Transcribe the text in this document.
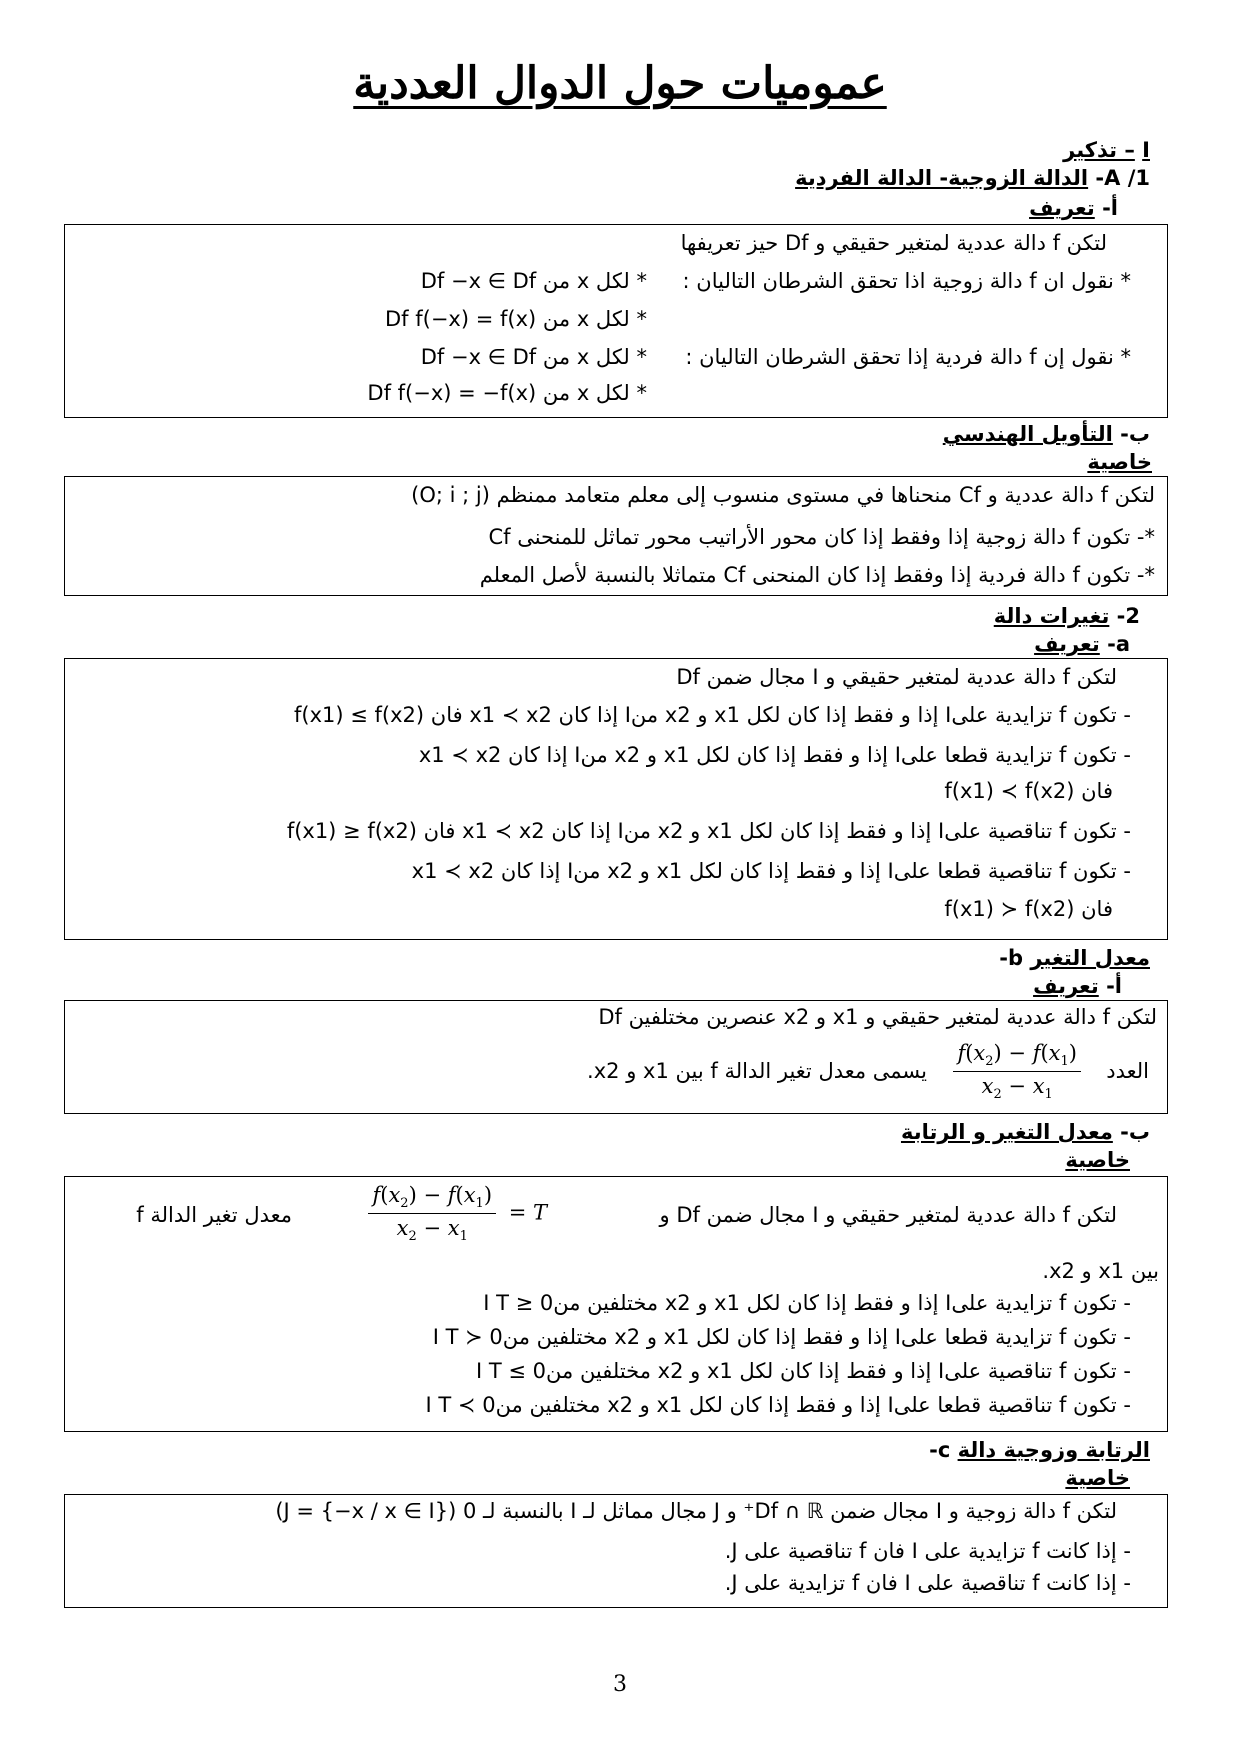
عموميات حول الدوال العددية
I – تذكير
A /1- الدالة الزوجية- الدالة الفردية
أ- تعريف
لتكن f دالة عددية لمتغير حقيقي و Df حيز تعريفها
* نقول ان f دالة زوجية اذا تحقق الشرطان التاليان :
* لكل x من Df −x ∈ Df
* لكل x من Df f(−x) = f(x)
* نقول إن f دالة فردية إذا تحقق الشرطان التاليان :
* لكل x من Df −x ∈ Df
* لكل x من Df f(−x) = −f(x)
ب- التأويل الهندسي
خاصية
لتكن f دالة عددية و Cf منحناها في مستوى منسوب إلى معلم متعامد ممنظم (O; i ; j)
*- تكون f دالة زوجية إذا وفقط إذا كان محور الأراتيب محور تماثل للمنحنى Cf
*- تكون f دالة فردية إذا وفقط إذا كان المنحنى Cf متماثلا بالنسبة لأصل المعلم
2- تغيرات دالة
a- تعريف
لتكن f دالة عددية لمتغير حقيقي و I مجال ضمن Df
- تكون f تزايدية علىI إذا و فقط إذا كان لكل x1 و x2 منI إذا كان x1 ≺ x2 فان f(x1) ≤ f(x2)
- تكون f تزايدية قطعا علىI إذا و فقط إذا كان لكل x1 و x2 منI إذا كان x1 ≺ x2
فان f(x1) ≺ f(x2)
- تكون f تناقصية علىI إذا و فقط إذا كان لكل x1 و x2 منI إذا كان x1 ≺ x2 فان f(x1) ≥ f(x2)
- تكون f تناقصية قطعا علىI إذا و فقط إذا كان لكل x1 و x2 منI إذا كان x1 ≺ x2
فان f(x1) ≻ f(x2)
معدل التغير b-
أ- تعريف
لتكن f دالة عددية لمتغير حقيقي و x1 و x2 عنصرين مختلفين Df
العدد
$\frac{f(x_2) - f(x_1)}{x_2 - x_1}$
يسمى معدل تغير الدالة f بين x1 و x2.
ب- معدل التغير و الرتابة
خاصية
لتكن f دالة عددية لمتغير حقيقي و I مجال ضمن Df و
T =
$\frac{f(x_2) - f(x_1)}{x_2 - x_1}$
معدل تغير الدالة f
بين x1 و x2.
- تكون f تزايدية علىI إذا و فقط إذا كان لكل x1 و x2 مختلفين منI T ≥ 0
- تكون f تزايدية قطعا علىI إذا و فقط إذا كان لكل x1 و x2 مختلفين منI T ≻ 0
- تكون f تناقصية علىI إذا و فقط إذا كان لكل x1 و x2 مختلفين منI T ≤ 0
- تكون f تناقصية قطعا علىI إذا و فقط إذا كان لكل x1 و x2 مختلفين منI T ≺ 0
الرتابة وزوجية دالة c-
خاصية
لتكن f دالة زوجية و I مجال ضمن Df ∩ ℝ⁺ و J مجال مماثل لـ I بالنسبة لـ 0 (J = {−x / x ∈ I})
- إذا كانت f تزايدية على I فان f تناقصية على J.
- إذا كانت f تناقصية على I فان f تزايدية على J.
3
